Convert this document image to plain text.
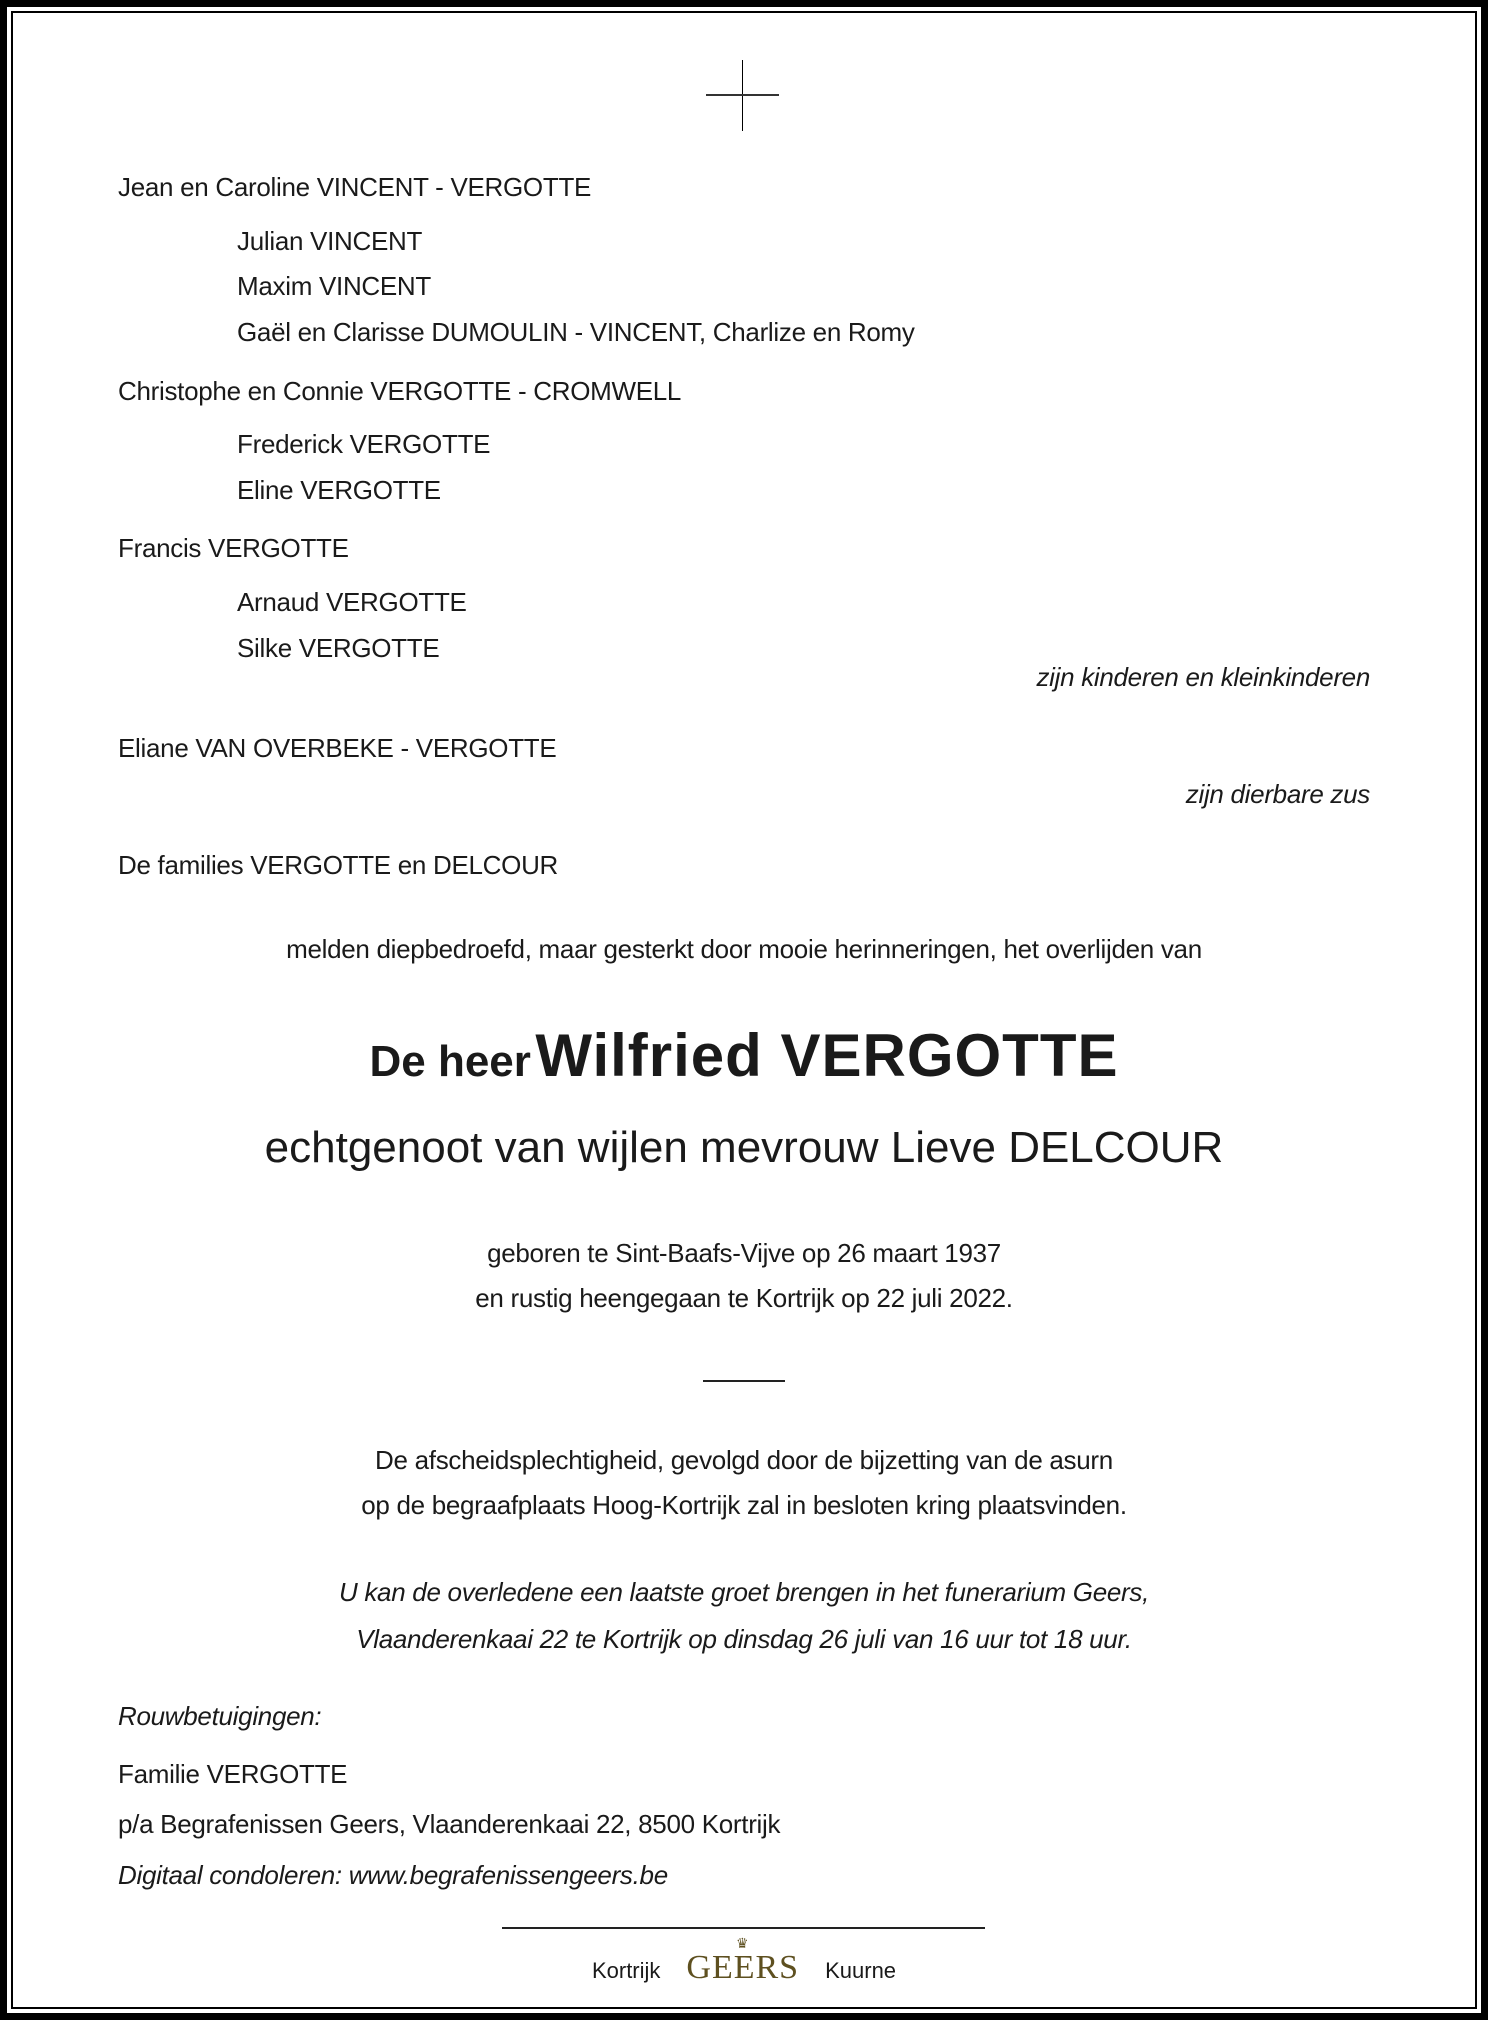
Jean en Caroline VINCENT - VERGOTTE
Julian VINCENT
Maxim VINCENT
Gaël en Clarisse DUMOULIN - VINCENT, Charlize en Romy
Christophe en Connie VERGOTTE - CROMWELL
Frederick VERGOTTE
Eline VERGOTTE
Francis VERGOTTE
Arnaud VERGOTTE
Silke VERGOTTE
zijn kinderen en kleinkinderen
Eliane VAN OVERBEKE - VERGOTTE
zijn dierbare zus
De families VERGOTTE en DELCOUR
melden diepbedroefd, maar gesterkt door mooie herinneringen, het overlijden van
De heer Wilfried VERGOTTE
echtgenoot van wijlen mevrouw Lieve DELCOUR
geboren te Sint-Baafs-Vijve op 26 maart 1937
en rustig heengegaan te Kortrijk op 22 juli 2022.
De afscheidsplechtigheid, gevolgd door de bijzetting van de asurn
op de begraafplaats Hoog-Kortrijk zal in besloten kring plaatsvinden.
U kan de overledene een laatste groet brengen in het funerarium Geers,
Vlaanderenkaai 22 te Kortrijk op dinsdag 26 juli van 16 uur tot 18 uur.
Rouwbetuigingen:
Familie VERGOTTE
p/a Begrafenissen Geers, Vlaanderenkaai 22, 8500 Kortrijk
Digitaal condoleren: www.begrafenissengeers.be
Kortrijk
♛
GEERS Kuurne
